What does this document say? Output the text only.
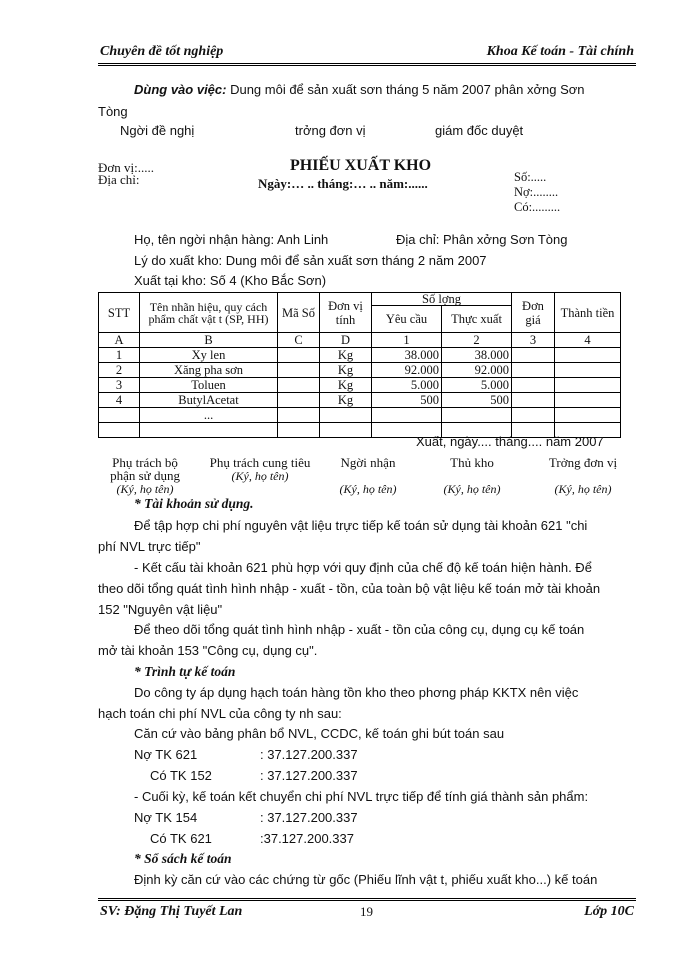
Chuyên đề tốt nghiệp	Khoa Kế toán - Tài chính
Dùng vào việc: Dung môi để sản xuất sơn tháng 5 năm 2007 phân xởng Sơn
Tòng
Ngời đề nghị	trởng đơn vị	giám đốc duyệt
Đơn vị:.....
Địa chỉ:
PHIẾU XUẤT KHO
Ngày:… .. tháng:… .. năm:......	Số:.....
Nợ:........
Có:.........
Họ, tên ngời nhận hàng: Anh Linh	Địa chỉ: Phân xởng Sơn Tòng
Lý do xuất kho: Dung môi để sản xuất sơn tháng 2 năm 2007
Xuất tại kho: Số 4 (Kho Bắc Sơn)
STT	Tên nhãn hiệu, quy cách phẩm chất vật t (SP, HH)	Mã Số	Đơn vị tính	Số lợng		Đơn giá	Thành tiền
				Yêu cầu	Thực xuất		
A	B	C	D	1	2	3	4
1	Xy len		Kg	38.000	38.000		
2	Xăng pha sơn		Kg	92.000	92.000		
3	Toluen		Kg	5.000	5.000		
4	ButylAcetat		Kg	500	500		
	...						

Xuất, ngày.... tháng.... năm 2007
Phụ trách bộ phận sử dụng
(Ký, họ tên)
Phụ trách cung tiêu
(Ký, họ tên)
Ngời nhận
(Ký, họ tên)
Thủ kho
(Ký, họ tên)
Trởng đơn vị
(Ký, họ tên)
* Tài khoản sử dụng.
Để tập hợp chi phí nguyên vật liệu trực tiếp kế toán sử dụng tài khoản 621 "chi
phí NVL trực tiếp"
- Kết cấu tài khoản 621 phù hợp với quy định của chế độ kế toán hiện hành. Để
theo dõi tổng quát tình hình nhập - xuất - tồn, của toàn bộ vật liệu kế toán mở tài khoản
152 "Nguyên vật liệu"
Để theo dõi tổng quát tình hình nhập - xuất - tồn của công cụ, dụng cụ kế toán
mở tài khoản 153 "Công cụ, dụng cụ".
* Trình tự kế toán
Do công ty áp dụng hạch toán hàng tồn kho theo phơng pháp KKTX nên việc
hạch toán chi phí NVL của công ty nh sau:
Căn cứ vào bảng phân bổ NVL, CCDC, kế toán ghi bút toán sau
Nợ TK 621	: 37.127.200.337
Có TK 152	: 37.127.200.337
- Cuối kỳ, kế toán kết chuyển chi phí NVL trực tiếp để tính giá thành sản phẩm:
Nợ TK 154	: 37.127.200.337
Có TK 621	:37.127.200.337
* Sổ sách kế toán
Định kỳ căn cứ vào các chứng từ gốc (Phiếu lĩnh vật t, phiếu xuất kho...) kế toán
SV: Đặng Thị Tuyết Lan	19	Lớp 10C
